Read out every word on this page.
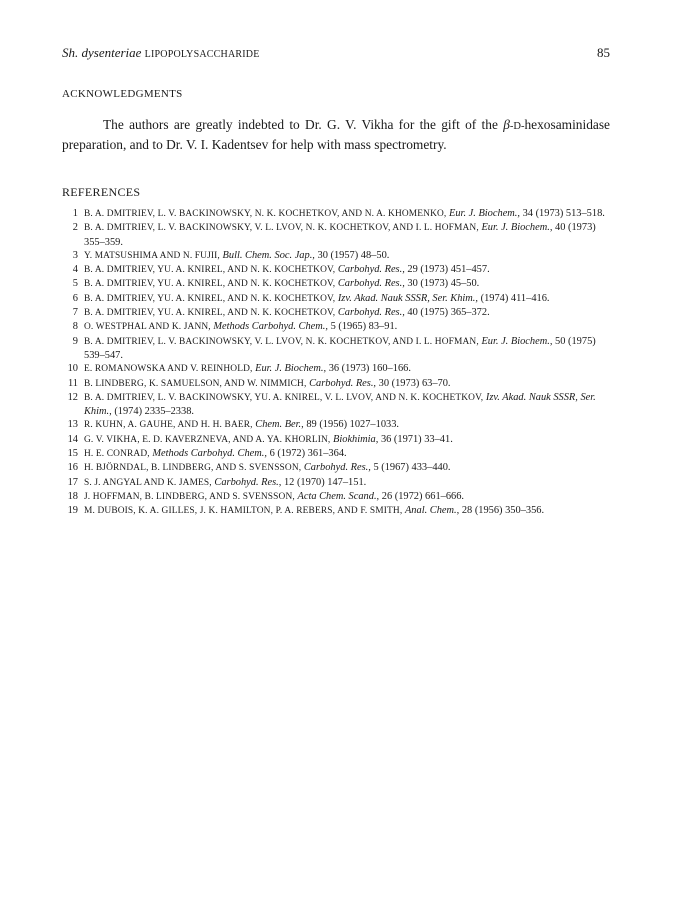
Sh. dysenteriae LIPOPOLYSACCHARIDE	85
ACKNOWLEDGMENTS

The authors are greatly indebted to Dr. G. V. Vikha for the gift of the β-D-hexosaminidase preparation, and to Dr. V. I. Kadentsev for help with mass spectrometry.

REFERENCES
1 B. A. DMITRIEV, L. V. BACKINOWSKY, N. K. KOCHETKOV, AND N. A. KHOMENKO, Eur. J. Biochem., 34 (1973) 513–518.
2 B. A. DMITRIEV, L. V. BACKINOWSKY, V. L. LVOV, N. K. KOCHETKOV, AND I. L. HOFMAN, Eur. J. Biochem., 40 (1973) 355–359.
3 Y. MATSUSHIMA AND N. FUJII, Bull. Chem. Soc. Jap., 30 (1957) 48–50.
4 B. A. DMITRIEV, YU. A. KNIREL, AND N. K. KOCHETKOV, Carbohyd. Res., 29 (1973) 451–457.
5 B. A. DMITRIEV, YU. A. KNIREL, AND N. K. KOCHETKOV, Carbohyd. Res., 30 (1973) 45–50.
6 B. A. DMITRIEV, YU. A. KNIREL, AND N. K. KOCHETKOV, Izv. Akad. Nauk SSSR, Ser. Khim., (1974) 411–416.
7 B. A. DMITRIEV, YU. A. KNIREL, AND N. K. KOCHETKOV, Carbohyd. Res., 40 (1975) 365–372.
8 O. WESTPHAL AND K. JANN, Methods Carbohyd. Chem., 5 (1965) 83–91.
9 B. A. DMITRIEV, L. V. BACKINOWSKY, V. L. LVOV, N. K. KOCHETKOV, AND I. L. HOFMAN, Eur. J. Biochem., 50 (1975) 539–547.
10 E. ROMANOWSKA AND V. REINHOLD, Eur. J. Biochem., 36 (1973) 160–166.
11 B. LINDBERG, K. SAMUELSON, AND W. NIMMICH, Carbohyd. Res., 30 (1973) 63–70.
12 B. A. DMITRIEV, L. V. BACKINOWSKY, YU. A. KNIREL, V. L. LVOV, AND N. K. KOCHETKOV, Izv. Akad. Nauk SSSR, Ser. Khim., (1974) 2335–2338.
13 R. KUHN, A. GAUHE, AND H. H. BAER, Chem. Ber., 89 (1956) 1027–1033.
14 G. V. VIKHA, E. D. KAVERZNEVA, AND A. YA. KHORLIN, Biokhimia, 36 (1971) 33–41.
15 H. E. CONRAD, Methods Carbohyd. Chem., 6 (1972) 361–364.
16 H. BJÖRNDAL, B. LINDBERG, AND S. SVENSSON, Carbohyd. Res., 5 (1967) 433–440.
17 S. J. ANGYAL AND K. JAMES, Carbohyd. Res., 12 (1970) 147–151.
18 J. HOFFMAN, B. LINDBERG, AND S. SVENSSON, Acta Chem. Scand., 26 (1972) 661–666.
19 M. DUBOIS, K. A. GILLES, J. K. HAMILTON, P. A. REBERS, AND F. SMITH, Anal. Chem., 28 (1956) 350–356.
